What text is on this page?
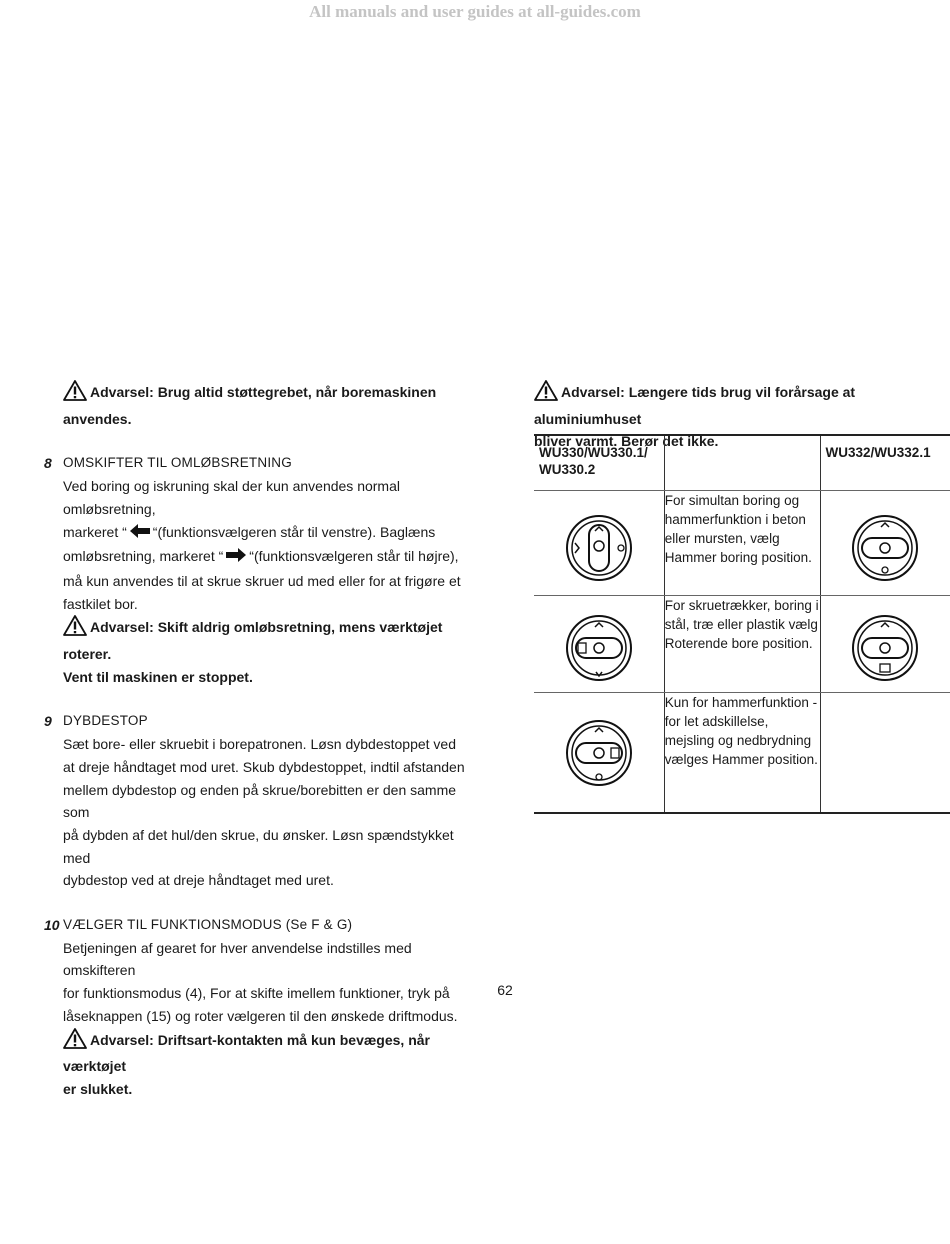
All manuals and user guides at all-guides.com
Advarsel: Brug altid støttegrebet, når boremaskinen
anvendes.
8 OMSKIFTER TIL OMLØBSRETNING
Ved boring og iskruning skal der kun anvendes normal omløbsretning,
markeret “ “(funktionsvælgeren står til venstre). Baglæns
omløbsretning, markeret “ “(funktionsvælgeren står til højre),
må kun anvendes til at skrue skruer ud med eller for at frigøre et
fastkilet bor.
Advarsel: Skift aldrig omløbsretning, mens værktøjet roterer.
Vent til maskinen er stoppet.
9 DYBDESTOP
Sæt bore- eller skruebit i borepatronen. Løsn dybdestoppet ved
at dreje håndtaget mod uret. Skub dybdestoppet, indtil afstanden
mellem dybdestop og enden på skrue/borebitten er den samme som
på dybden af det hul/den skrue, du ønsker. Løsn spændstykket med
dybdestop ved at dreje håndtaget med uret.
10 VÆLGER TIL FUNKTIONSMODUS (Se F & G)
Betjeningen af gearet for hver anvendelse indstilles med omskifteren
for funktionsmodus (4), For at skifte imellem funktioner, tryk på
låseknappen (15) og roter vælgeren til den ønskede driftmodus.
Advarsel: Driftsart-kontakten må kun bevæges, når værktøjet
er slukket.
Advarsel: Længere tids brug vil forårsage at aluminiumhuset
bliver varmt. Berør det ikke.
WU330/WU330.1/ WU330.2		WU332/WU332.1
	For simultan boring og hammerfunktion i beton eller mursten, vælg Hammer boring position.	
	For skruetrækker, boring i stål, træ eller plastik vælg Roterende bore position.	
	Kun for hammerfunktion - for let adskillelse, mejsling og nedbrydning vælges Hammer position.	
62
